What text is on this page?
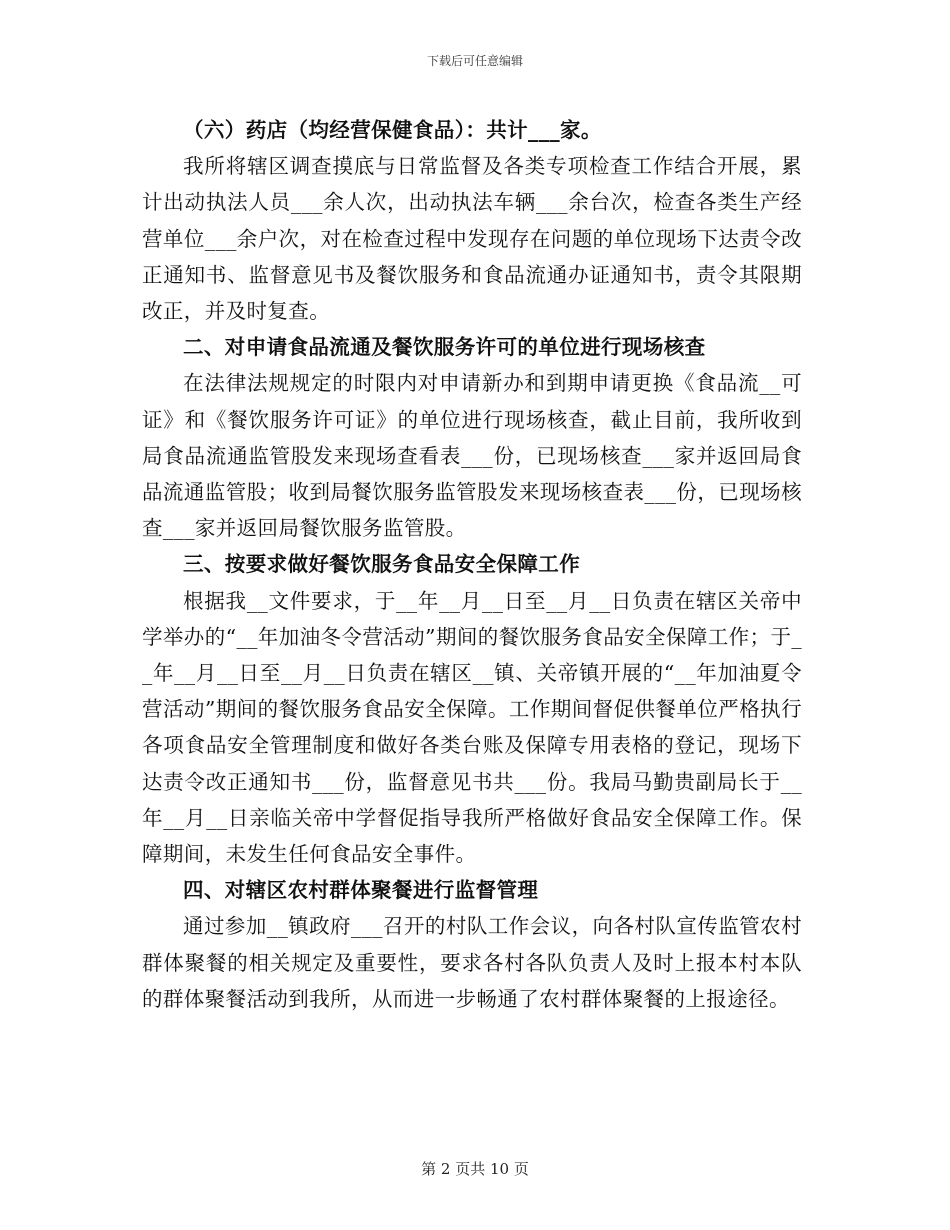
下载后可任意编辑

（六）药店（均经营保健食品）：共计___家。

我所将辖区调查摸底与日常监督及各类专项检查工作结合开展，累计出动执法人员___余人次，出动执法车辆___余台次，检查各类生产经营单位___余户次，对在检查过程中发现存在问题的单位现场下达责令改正通知书、监督意见书及餐饮服务和食品流通办证通知书，责令其限期改正，并及时复查。

二、对申请食品流通及餐饮服务许可的单位进行现场核查

在法律法规规定的时限内对申请新办和到期申请更换《食品流__可证》和《餐饮服务许可证》的单位进行现场核查，截止目前，我所收到局食品流通监管股发来现场查看表___份，已现场核查___家并返回局食品流通监管股；收到局餐饮服务监管股发来现场核查表___份，已现场核查___家并返回局餐饮服务监管股。

三、按要求做好餐饮服务食品安全保障工作

根据我__文件要求，于__年__月__日至__月__日负责在辖区关帝中学举办的“__年加油冬令营活动”期间的餐饮服务食品安全保障工作；于__年__月__日至__月__日负责在辖区__镇、关帝镇开展的“__年加油夏令营活动”期间的餐饮服务食品安全保障。工作期间督促供餐单位严格执行各项食品安全管理制度和做好各类台账及保障专用表格的登记，现场下达责令改正通知书___份，监督意见书共___份。我局马勤贵副局长于__年__月__日亲临关帝中学督促指导我所严格做好食品安全保障工作。保障期间，未发生任何食品安全事件。

四、对辖区农村群体聚餐进行监督管理

通过参加__镇政府___召开的村队工作会议，向各村队宣传监管农村群体聚餐的相关规定及重要性，要求各村各队负责人及时上报本村本队的群体聚餐活动到我所，从而进一步畅通了农村群体聚餐的上报途径。

第 2 页共 10 页
